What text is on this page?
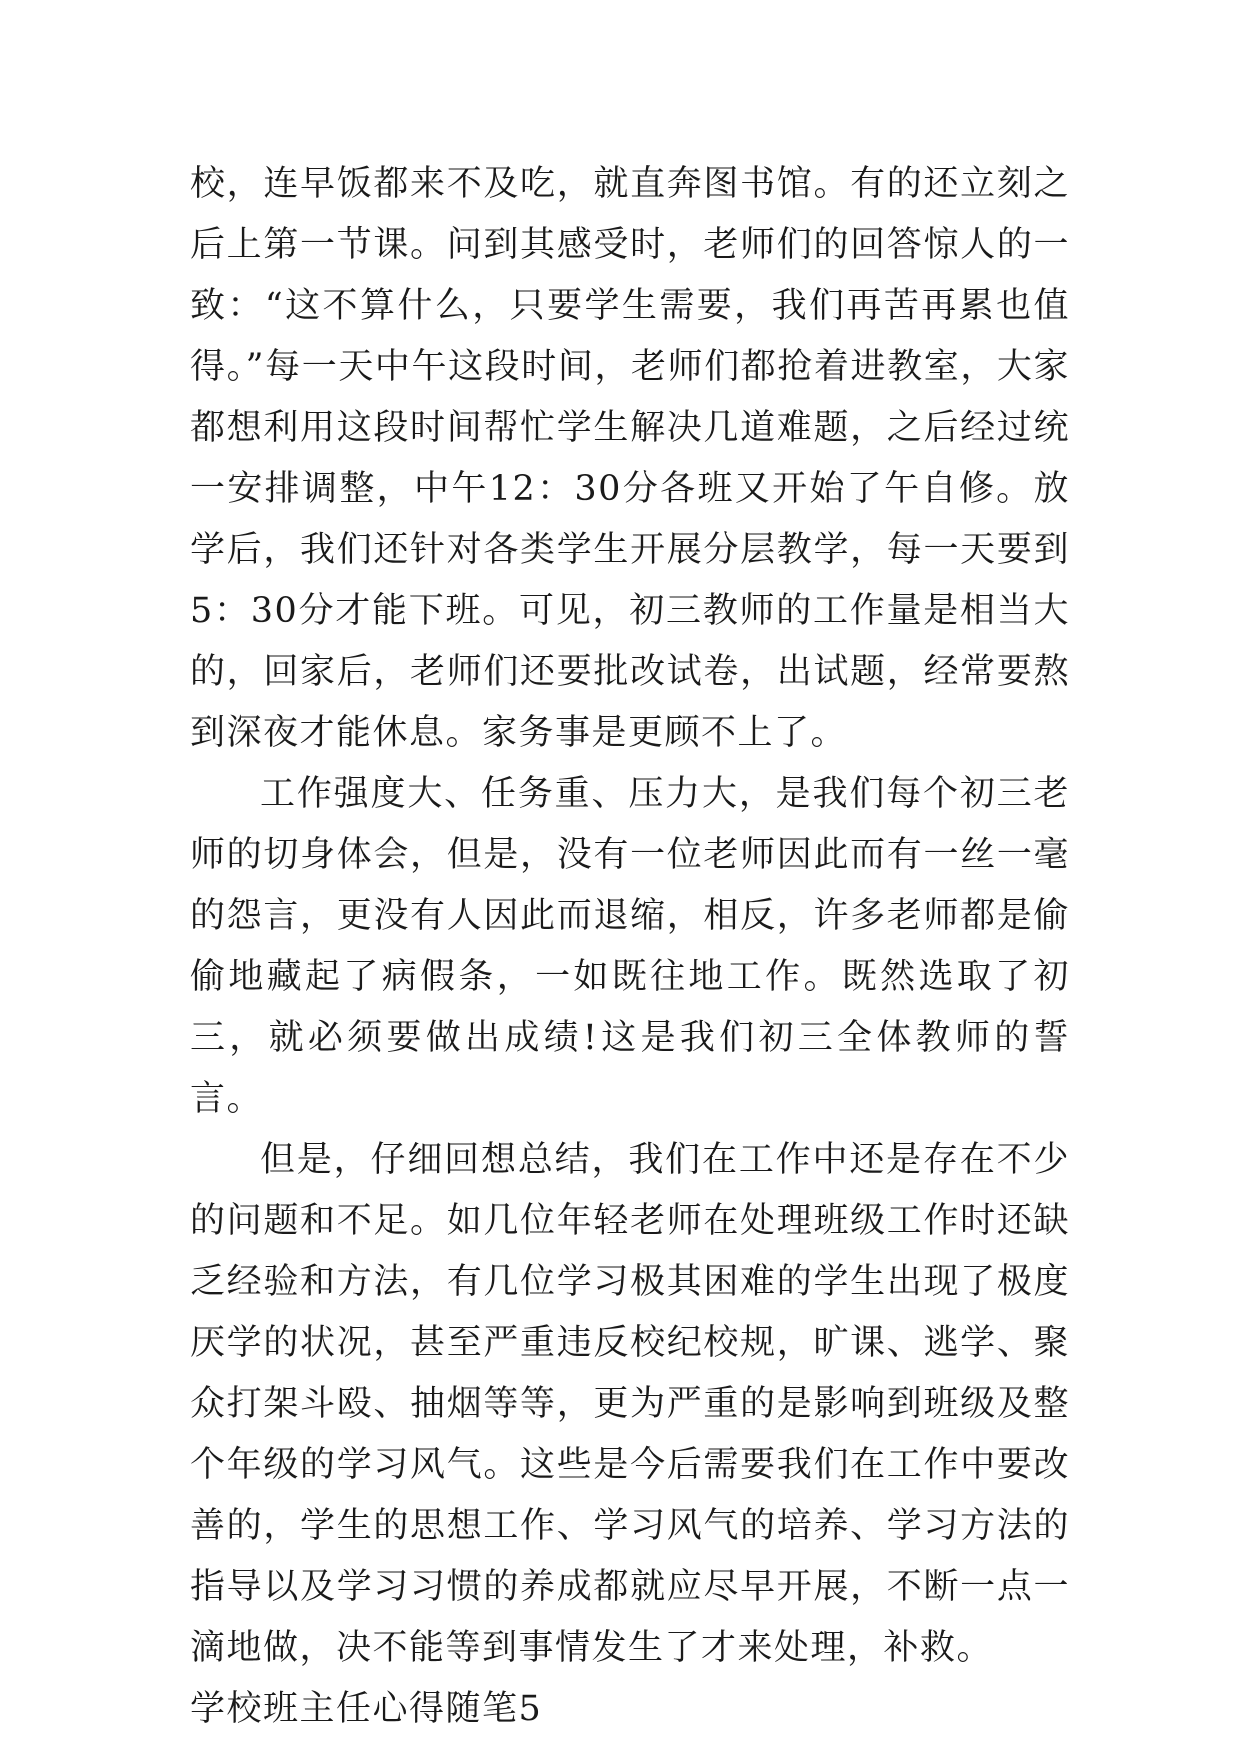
校，连早饭都来不及吃，就直奔图书馆。有的还立刻之后上第一节课。问到其感受时，老师们的回答惊人的一致：“这不算什么，只要学生需要，我们再苦再累也值得。”每一天中午这段时间，老师们都抢着进教室，大家都想利用这段时间帮忙学生解决几道难题，之后经过统一安排调整，中午12：30分各班又开始了午自修。放学后，我们还针对各类学生开展分层教学，每一天要到5：30分才能下班。可见，初三教师的工作量是相当大的，回家后，老师们还要批改试卷，出试题，经常要熬到深夜才能休息。家务事是更顾不上了。

工作强度大、任务重、压力大，是我们每个初三老师的切身体会，但是，没有一位老师因此而有一丝一毫的怨言，更没有人因此而退缩，相反，许多老师都是偷偷地藏起了病假条，一如既往地工作。既然选取了初三，就必须要做出成绩!这是我们初三全体教师的誓言。

但是，仔细回想总结，我们在工作中还是存在不少的问题和不足。如几位年轻老师在处理班级工作时还缺乏经验和方法，有几位学习极其困难的学生出现了极度厌学的状况，甚至严重违反校纪校规，旷课、逃学、聚众打架斗殴、抽烟等等，更为严重的是影响到班级及整个年级的学习风气。这些是今后需要我们在工作中要改善的，学生的思想工作、学习风气的培养、学习方法的指导以及学习习惯的养成都就应尽早开展，不断一点一滴地做，决不能等到事情发生了才来处理，补救。

学校班主任心得随笔5
